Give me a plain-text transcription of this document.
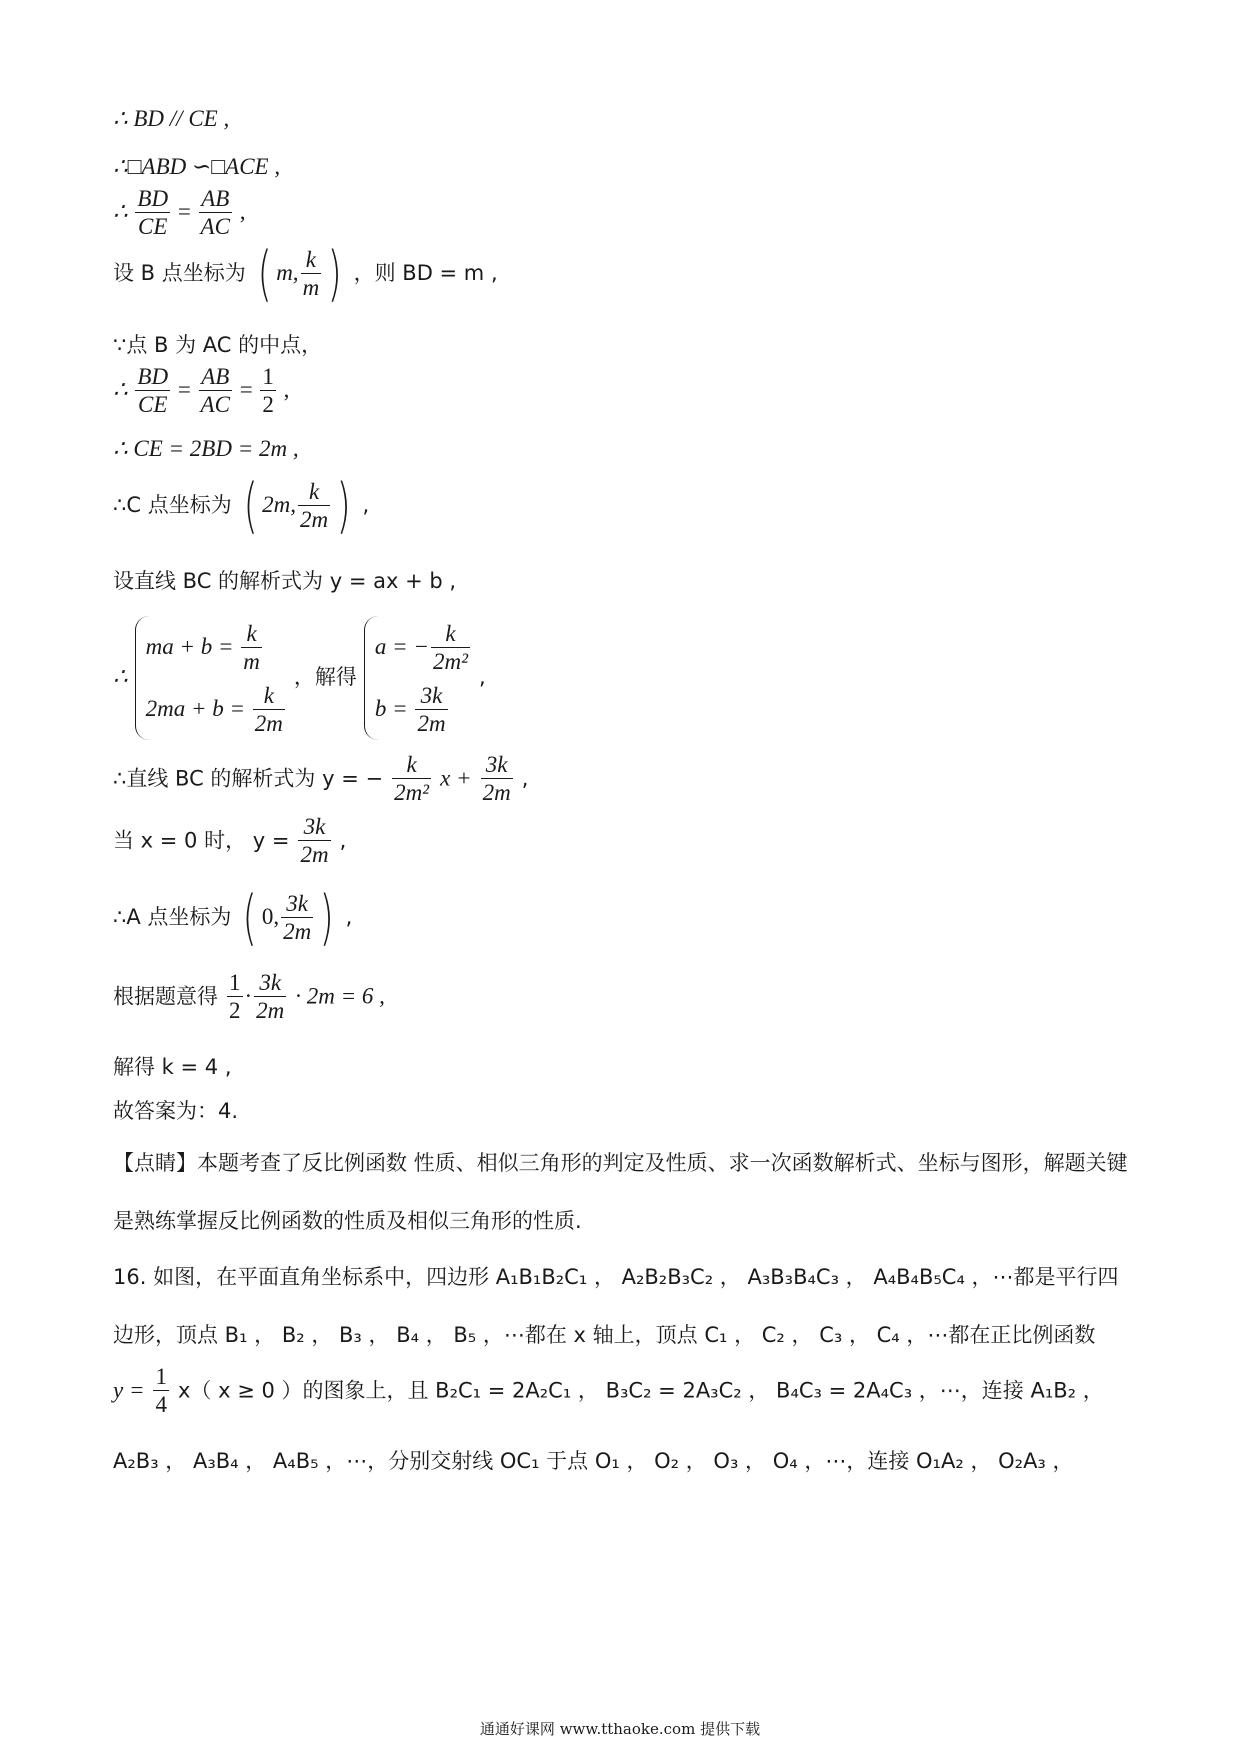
∴ BD // CE ,
∴□ABD ∽□ACE ,
∴ $\frac{BD}{CE} = \frac{AB}{AC}$ ,
设 B 点坐标为 ( m, $\frac{k}{m}$ ) ，则 BD = m ,
∵点 B 为 AC 的中点，
∴ $\frac{BD}{CE} = \frac{AB}{AC} = \frac{1}{2}$ ,
∴ CE = 2BD = 2m ,
∴C 点坐标为 ( 2m, $\frac{k}{2m}$ ) ,
设直线 BC 的解析式为 y = ax + b ,
∴
ma + $b = \frac{k}{m}$
$2ma + b = \frac{k}{2m}$
，解得
a = − $\frac{k}{\text{2m²}}$
$b = \frac{3k}{2m}$
,
∴直线 BC 的解析式为 y = − $\frac{k}{\text{2m²}}$ $x + \frac{3k}{2m}$ ,
当 x = 0 时， $y = \frac{3k}{2m}$ ,
∴A 点坐标为 ( 0, $\frac{3k}{2m}$ ) ,
根据题意得 $\frac{1}{2} \cdot \frac{3k}{2m} \cdot 2m = 6$ ,
解得 k = 4 ,
故答案为：4.
【点睛】本题考查了反比例函数 性质、相似三角形的判定及性质、求一次函数解析式、坐标与图形，解题关键是熟练掌握反比例函数的性质及相似三角形的性质.
16. 如图，在平面直角坐标系中，四边形 A₁B₁B₂C₁ ， A₂B₂B₃C₂ ， A₃B₃B₄C₃ ， A₄B₄B₅C₄ ，⋯都是平行四边形，顶点 B₁ ， B₂ ， B₃ ， B₄ ， B₅ ，⋯都在 x 轴上，顶点 C₁ ， C₂ ， C₃ ， C₄ ，⋯都在正比例函数
$y = \frac{1}{4} x$（ x ≥ 0 ）的图象上，且 B₂C₁ = 2A₂C₁ ， B₃C₂ = 2A₃C₂ ， B₄C₃ = 2A₄C₃ ，⋯，连接 A₁B₂ ，
A₂B₃ ， A₃B₄ ， A₄B₅ ，⋯，分别交射线 OC₁ 于点 O₁ ， O₂ ， O₃ ， O₄ ，⋯，连接 O₁A₂ ， O₂A₃ ，
通通好课网 www.tthaoke.com 提供下载
